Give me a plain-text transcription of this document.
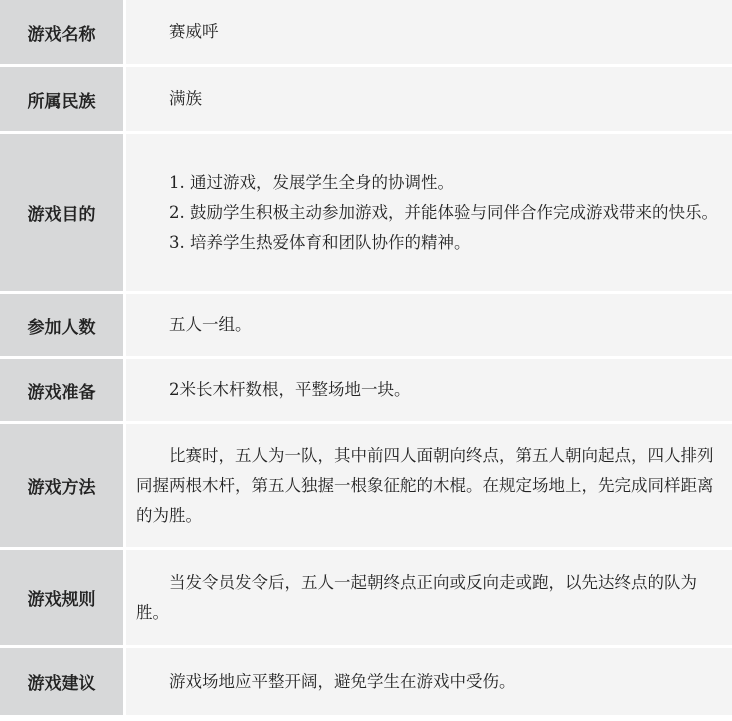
游戏名称	赛威呼

所属民族	满族

游戏目的	1. 通过游戏，发展学生全身的协调性。

2. 鼓励学生积极主动参加游戏，并能体验与同伴合作完成游戏带来的快乐。

3. 培养学生热爱体育和团队协作的精神。

参加人数	五人一组。

游戏准备	2米长木杆数根，平整场地一块。

游戏方法	比赛时，五人为一队，其中前四人面朝向终点，第五人朝向起点，四人排列同握两根木杆，第五人独握一根象征舵的木棍。在规定场地上，先完成同样距离的为胜。

游戏规则	当发令员发令后，五人一起朝终点正向或反向走或跑，以先达终点的队为胜。

游戏建议	游戏场地应平整开阔，避免学生在游戏中受伤。
